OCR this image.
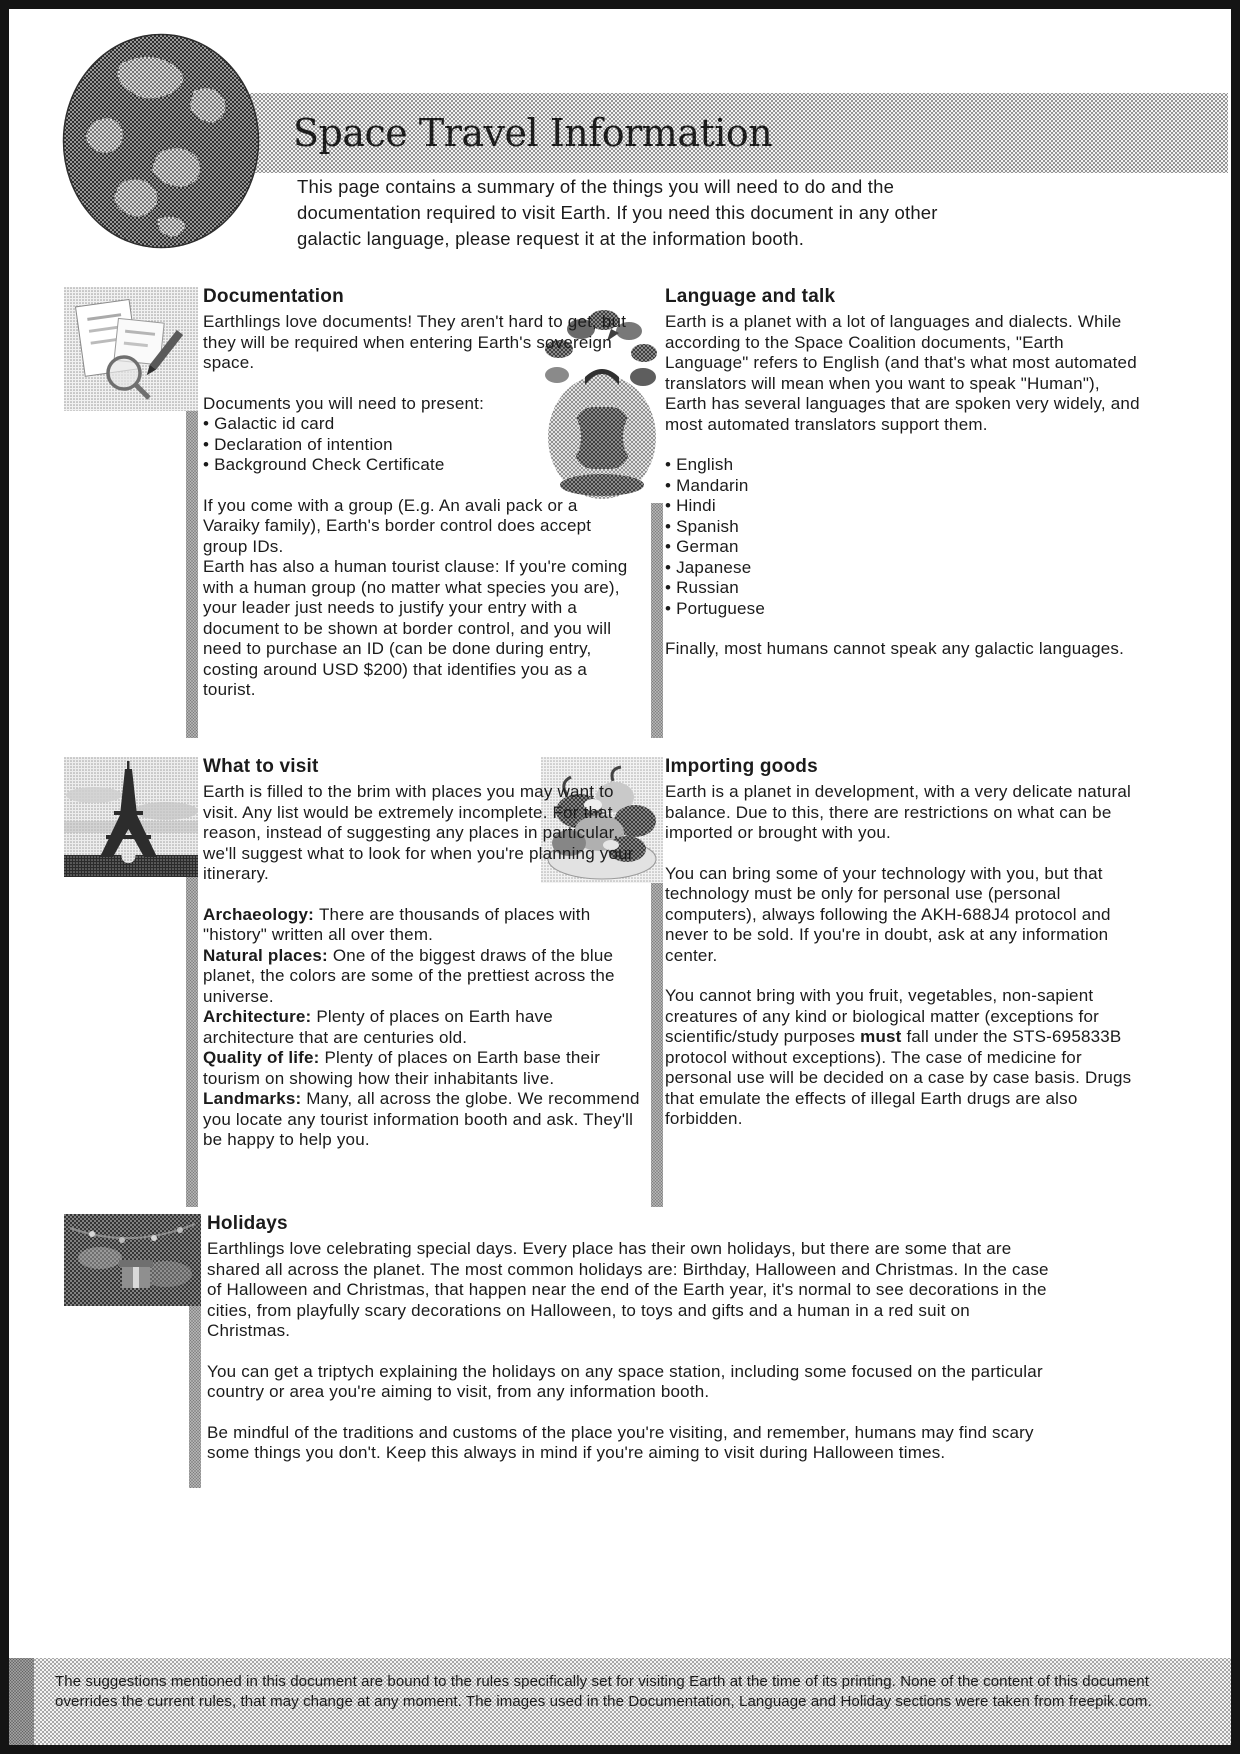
Space Travel Information

This page contains a summary of the things you will need to do and the documentation required to visit Earth. If you need this document in any other galactic language, please request it at the information booth.

Documentation

Earthlings love documents! They aren't hard to get, but they will be required when entering Earth's sovereign space.

Documents you will need to present:

• Galactic id card
• Declaration of intention
• Background Check Certificate

If you come with a group (E.g. An avali pack or a Varaiky family), Earth's border control does accept group IDs.

Earth has also a human tourist clause: If you're coming with a human group (no matter what species you are), your leader just needs to justify your entry with a document to be shown at border control, and you will need to purchase an ID (can be done during entry, costing around USD $200) that identifies you as a tourist.

Language and talk

Earth is a planet with a lot of languages and dialects. While according to the Space Coalition documents, "Earth Language" refers to English (and that's what most automated translators will mean when you want to speak "Human"), Earth has several languages that are spoken very widely, and most automated translators support them.

• English
• Mandarin
• Hindi
• Spanish
• German
• Japanese
• Russian
• Portuguese

Finally, most humans cannot speak any galactic languages.

What to visit

Earth is filled to the brim with places you may want to visit. Any list would be extremely incomplete. For that reason, instead of suggesting any places in particular, we'll suggest what to look for when you're planning your itinerary.

Archaeology: There are thousands of places with "history" written all over them.
Natural places: One of the biggest draws of the blue planet, the colors are some of the prettiest across the universe.
Architecture: Plenty of places on Earth have architecture that are centuries old.
Quality of life: Plenty of places on Earth base their tourism on showing how their inhabitants live.
Landmarks: Many, all across the globe. We recommend you locate any tourist information booth and ask. They'll be happy to help you.
Importing goods

Earth is a planet in development, with a very delicate natural balance. Due to this, there are restrictions on what can be imported or brought with you.

You can bring some of your technology with you, but that technology must be only for personal use (personal computers), always following the AKH-688J4 protocol and never to be sold. If you're in doubt, ask at any information center.

You cannot bring with you fruit, vegetables, non-sapient creatures of any kind or biological matter (exceptions for scientific/study purposes must fall under the STS-695833B protocol without exceptions). The case of medicine for personal use will be decided on a case by case basis. Drugs that emulate the effects of illegal Earth drugs are also forbidden.

Holidays

Earthlings love celebrating special days. Every place has their own holidays, but there are some that are shared all across the planet. The most common holidays are: Birthday, Halloween and Christmas. In the case of Halloween and Christmas, that happen near the end of the Earth year, it's normal to see decorations in the cities, from playfully scary decorations on Halloween, to toys and gifts and a human in a red suit on Christmas.

You can get a triptych explaining the holidays on any space station, including some focused on the particular country or area you're aiming to visit, from any information booth.

Be mindful of the traditions and customs of the place you're visiting, and remember, humans may find scary some things you don't. Keep this always in mind if you're aiming to visit during Halloween times.

The suggestions mentioned in this document are bound to the rules specifically set for visiting Earth at the time of its printing. None of the content of this document overrides the current rules, that may change at any moment. The images used in the Documentation, Language and Holiday sections were taken from freepik.com.
